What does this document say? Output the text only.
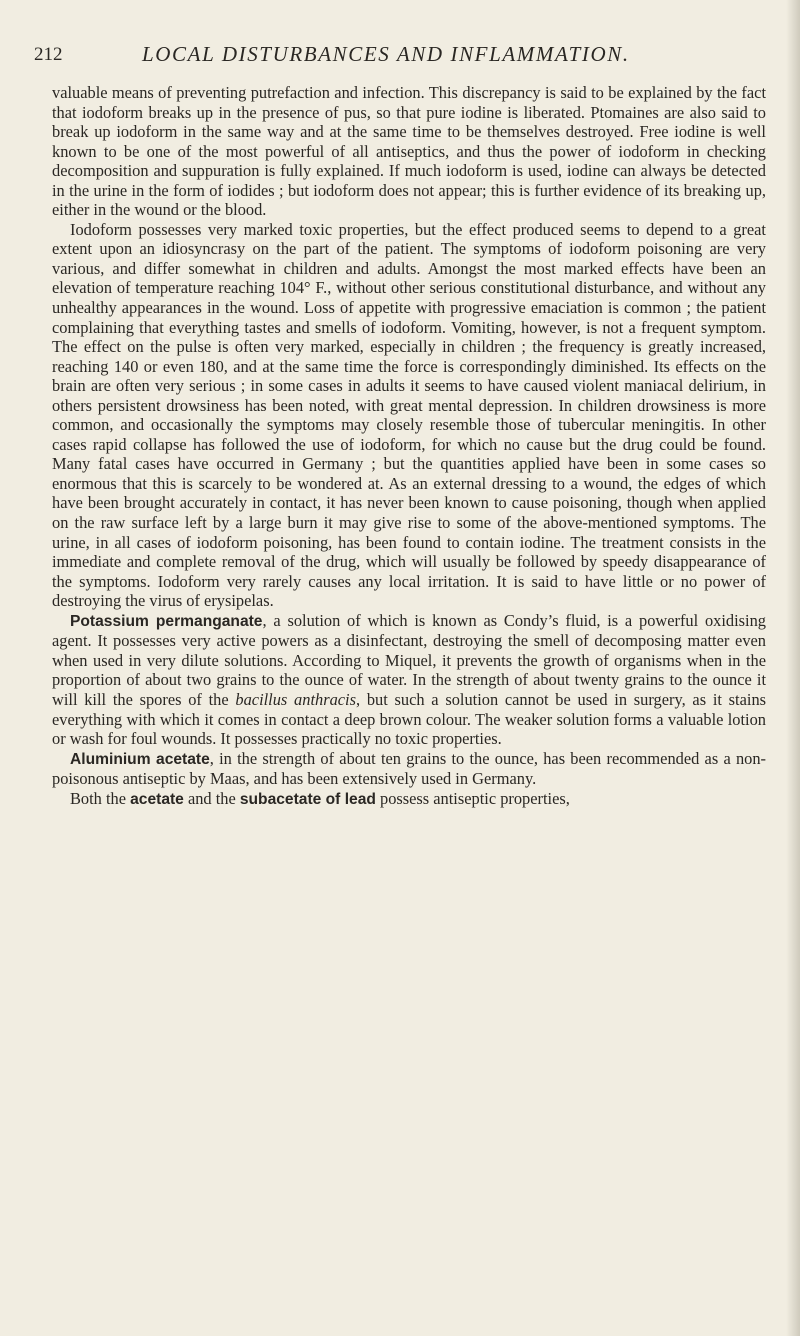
212	LOCAL DISTURBANCES AND INFLAMMATION.

valuable means of preventing putrefaction and infection. This discrepancy is said to be explained by the fact that iodoform breaks up in the presence of pus, so that pure iodine is liberated. Ptomaines are also said to break up iodoform in the same way and at the same time to be themselves destroyed. Free iodine is well known to be one of the most powerful of all antiseptics, and thus the power of iodoform in checking decomposition and suppuration is fully explained. If much iodoform is used, iodine can always be detected in the urine in the form of iodides ; but iodoform does not appear; this is further evidence of its breaking up, either in the wound or the blood.

Iodoform possesses very marked toxic properties, but the effect produced seems to depend to a great extent upon an idiosyncrasy on the part of the patient. The symptoms of iodoform poisoning are very various, and differ somewhat in children and adults. Amongst the most marked effects have been an elevation of temperature reaching 104° F., without other serious constitutional disturbance, and without any unhealthy appearances in the wound. Loss of appetite with progressive emaciation is common ; the patient complaining that everything tastes and smells of iodoform. Vomiting, however, is not a frequent symptom. The effect on the pulse is often very marked, especially in children ; the frequency is greatly increased, reaching 140 or even 180, and at the same time the force is correspondingly diminished. Its effects on the brain are often very serious ; in some cases in adults it seems to have caused violent maniacal delirium, in others persistent drowsiness has been noted, with great mental depression. In children drowsiness is more common, and occasionally the symptoms may closely resemble those of tubercular meningitis. In other cases rapid collapse has followed the use of iodoform, for which no cause but the drug could be found. Many fatal cases have occurred in Germany ; but the quantities applied have been in some cases so enormous that this is scarcely to be wondered at. As an external dressing to a wound, the edges of which have been brought accurately in contact, it has never been known to cause poisoning, though when applied on the raw surface left by a large burn it may give rise to some of the above-mentioned symptoms. The urine, in all cases of iodoform poisoning, has been found to contain iodine. The treatment consists in the immediate and complete removal of the drug, which will usually be followed by speedy disappearance of the symptoms. Iodoform very rarely causes any local irritation. It is said to have little or no power of destroying the virus of erysipelas.

Potassium permanganate, a solution of which is known as Condy’s fluid, is a powerful oxidising agent. It possesses very active powers as a disinfectant, destroying the smell of decomposing matter even when used in very dilute solutions. According to Miquel, it prevents the growth of organisms when in the proportion of about two grains to the ounce of water. In the strength of about twenty grains to the ounce it will kill the spores of the bacillus anthracis, but such a solution cannot be used in surgery, as it stains everything with which it comes in contact a deep brown colour. The weaker solution forms a valuable lotion or wash for foul wounds. It possesses practically no toxic properties.

Aluminium acetate, in the strength of about ten grains to the ounce, has been recommended as a non-poisonous antiseptic by Maas, and has been extensively used in Germany.

Both the acetate and the subacetate of lead possess antiseptic properties,
